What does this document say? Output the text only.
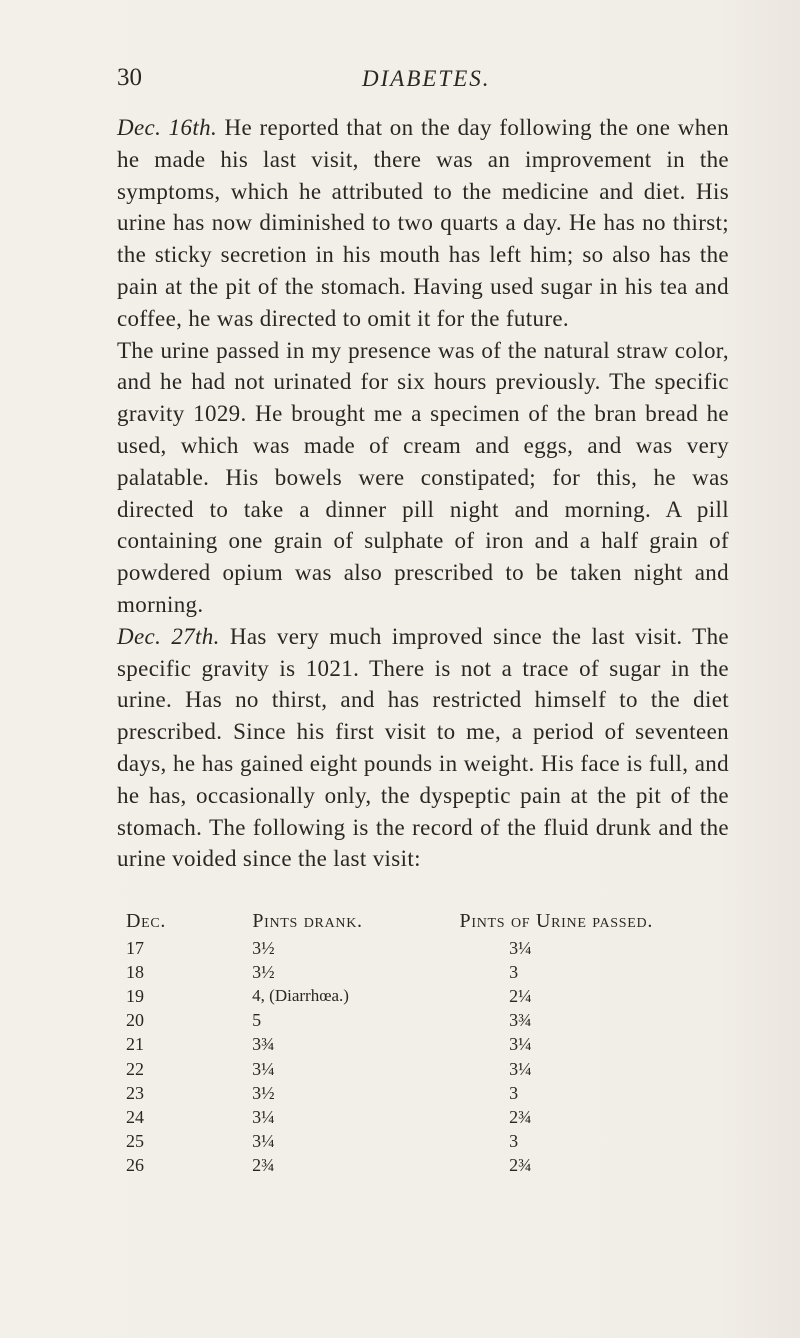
30	DIABETES.

Dec. 16th. He reported that on the day following the one when he made his last visit, there was an improvement in the symptoms, which he attributed to the medicine and diet. His urine has now diminished to two quarts a day. He has no thirst; the sticky secretion in his mouth has left him; so also has the pain at the pit of the stomach. Having used sugar in his tea and coffee, he was directed to omit it for the future.

The urine passed in my presence was of the natural straw color, and he had not urinated for six hours previously. The specific gravity 1029. He brought me a specimen of the bran bread he used, which was made of cream and eggs, and was very palatable. His bowels were constipated; for this, he was directed to take a dinner pill night and morning. A pill containing one grain of sulphate of iron and a half grain of powdered opium was also prescribed to be taken night and morning.

Dec. 27th. Has very much improved since the last visit. The specific gravity is 1021. There is not a trace of sugar in the urine. Has no thirst, and has restricted himself to the diet prescribed. Since his first visit to me, a period of seventeen days, he has gained eight pounds in weight. His face is full, and he has, occasionally only, the dyspeptic pain at the pit of the stomach. The following is the record of the fluid drunk and the urine voided since the last visit:

Dec.	Pints drank.	Pints of Urine passed.
17	3½	3¼
18	3½	3
19	4, (Diarrhœa.)	2¼
20	5	3¾
21	3¾	3¼
22	3¼	3¼
23	3½	3
24	3¼	2¾
25	3¼	3
26	2¾	2¾
